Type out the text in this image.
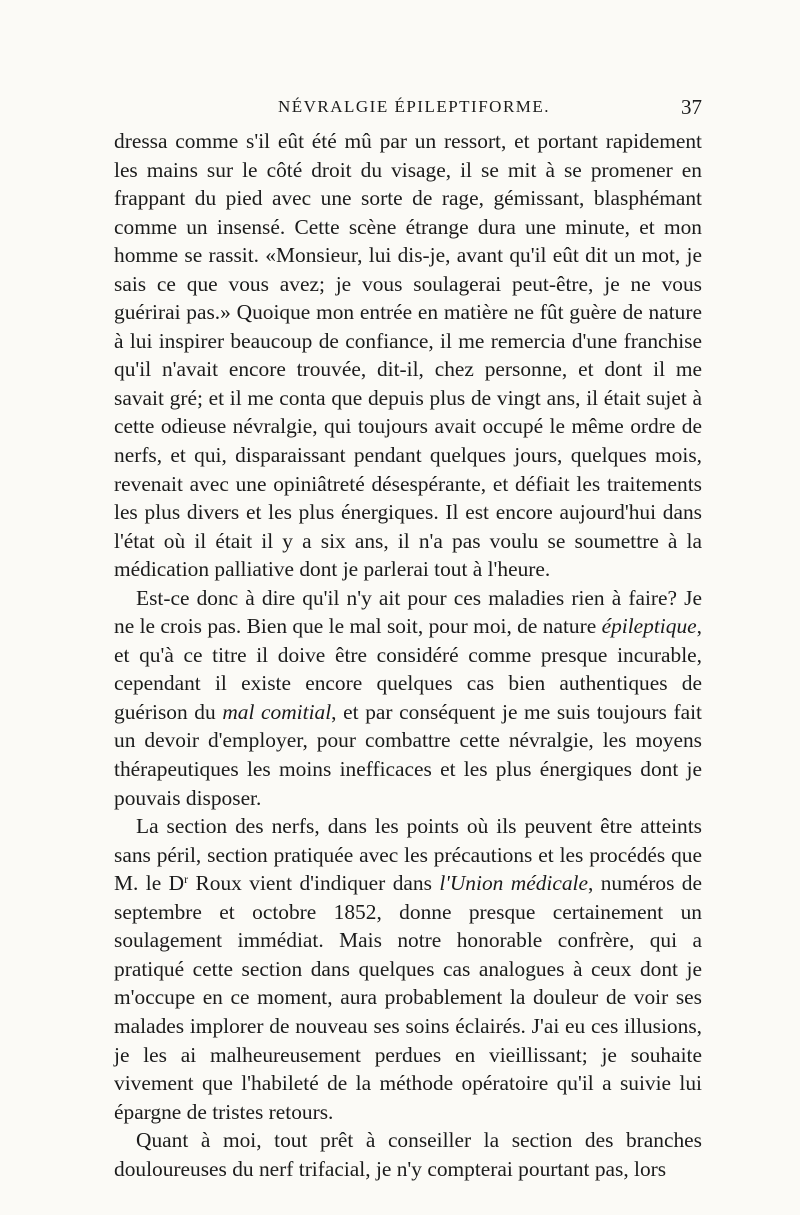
NÉVRALGIE ÉPILEPTIFORME.	37

dressa comme s'il eût été mû par un ressort, et portant rapidement les mains sur le côté droit du visage, il se mit à se promener en frappant du pied avec une sorte de rage, gémissant, blasphémant comme un insensé. Cette scène étrange dura une minute, et mon homme se rassit. «Monsieur, lui dis-je, avant qu'il eût dit un mot, je sais ce que vous avez; je vous soulagerai peut-être, je ne vous guérirai pas.» Quoique mon entrée en matière ne fût guère de nature à lui inspirer beaucoup de confiance, il me remercia d'une franchise qu'il n'avait encore trouvée, dit-il, chez personne, et dont il me savait gré; et il me conta que depuis plus de vingt ans, il était sujet à cette odieuse névralgie, qui toujours avait occupé le même ordre de nerfs, et qui, disparaissant pendant quelques jours, quelques mois, revenait avec une opiniâtreté désespérante, et défiait les traitements les plus divers et les plus énergiques. Il est encore aujourd'hui dans l'état où il était il y a six ans, il n'a pas voulu se soumettre à la médication palliative dont je parlerai tout à l'heure.

Est-ce donc à dire qu'il n'y ait pour ces maladies rien à faire? Je ne le crois pas. Bien que le mal soit, pour moi, de nature épileptique, et qu'à ce titre il doive être considéré comme presque incurable, cependant il existe encore quelques cas bien authentiques de guérison du mal comitial, et par conséquent je me suis toujours fait un devoir d'employer, pour combattre cette névralgie, les moyens thérapeutiques les moins inefficaces et les plus énergiques dont je pouvais disposer.

La section des nerfs, dans les points où ils peuvent être atteints sans péril, section pratiquée avec les précautions et les procédés que M. le $D^r$ Roux vient d'indiquer dans l'Union médicale, numéros de septembre et octobre 1852, donne presque certainement un soulagement immédiat. Mais notre honorable confrère, qui a pratiqué cette section dans quelques cas analogues à ceux dont je m'occupe en ce moment, aura probablement la douleur de voir ses malades implorer de nouveau ses soins éclairés. J'ai eu ces illusions, je les ai malheureusement perdues en vieillissant; je souhaite vivement que l'habileté de la méthode opératoire qu'il a suivie lui épargne de tristes retours.

Quant à moi, tout prêt à conseiller la section des branches douloureuses du nerf trifacial, je n'y compterai pourtant pas, lors
